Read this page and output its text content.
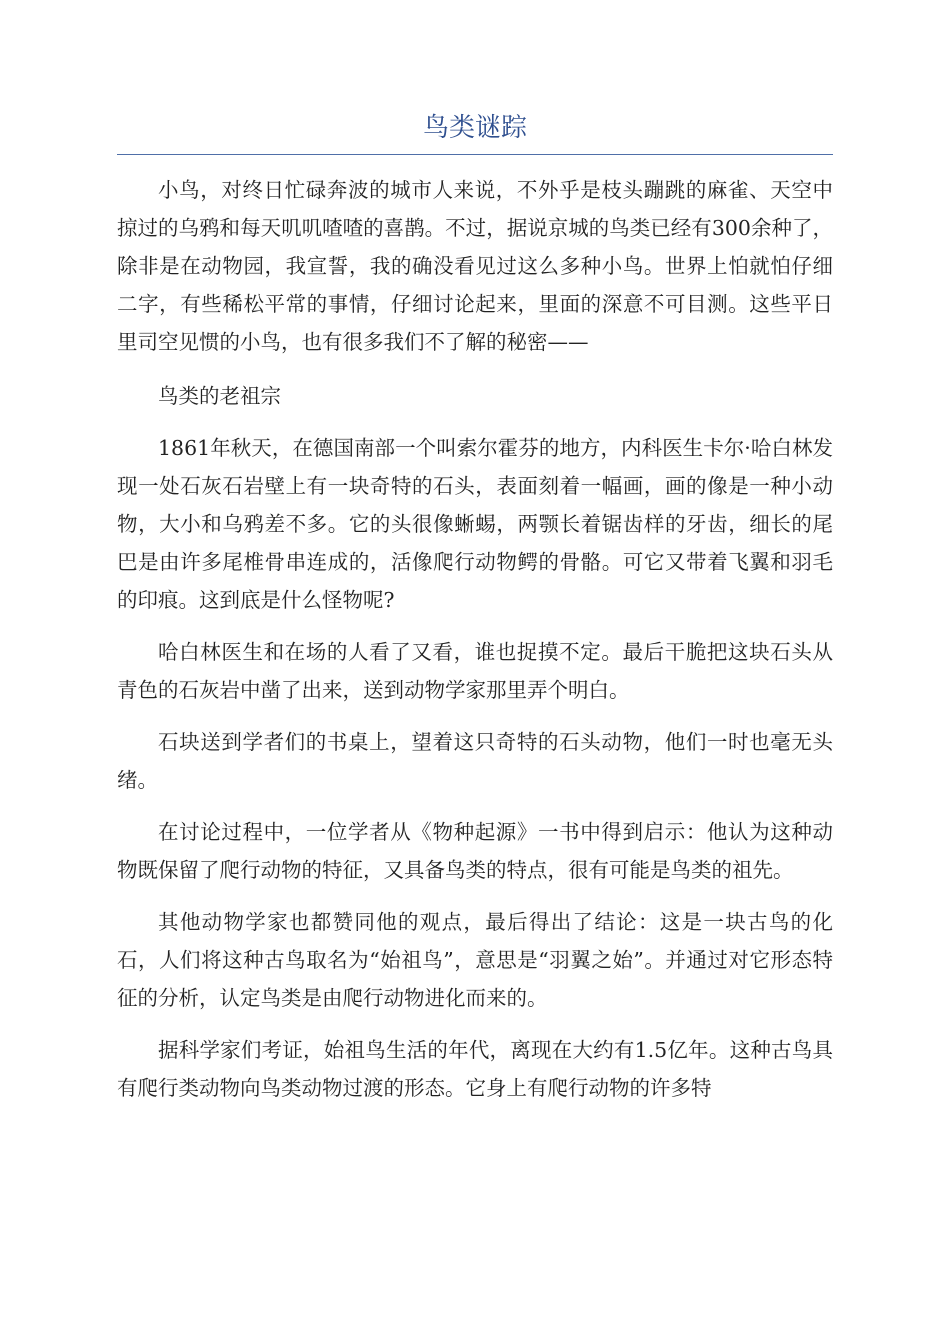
鸟类谜踪

小鸟，对终日忙碌奔波的城市人来说，不外乎是枝头蹦跳的麻雀、天空中掠过的乌鸦和每天叽叽喳喳的喜鹊。不过，据说京城的鸟类已经有300余种了，除非是在动物园，我宣誓，我的确没看见过这么多种小鸟。世界上怕就怕仔细二字，有些稀松平常的事情，仔细讨论起来，里面的深意不可目测。这些平日里司空见惯的小鸟，也有很多我们不了解的秘密——

鸟类的老祖宗

1861年秋天，在德国南部一个叫索尔霍芬的地方，内科医生卡尔·哈白林发现一处石灰石岩壁上有一块奇特的石头，表面刻着一幅画，画的像是一种小动物，大小和乌鸦差不多。它的头很像蜥蜴，两颚长着锯齿样的牙齿，细长的尾巴是由许多尾椎骨串连成的，活像爬行动物鳄的骨骼。可它又带着飞翼和羽毛的印痕。这到底是什么怪物呢?

哈白林医生和在场的人看了又看，谁也捉摸不定。最后干脆把这块石头从青色的石灰岩中凿了出来，送到动物学家那里弄个明白。

石块送到学者们的书桌上，望着这只奇特的石头动物，他们一时也毫无头绪。

在讨论过程中，一位学者从《物种起源》一书中得到启示：他认为这种动物既保留了爬行动物的特征，又具备鸟类的特点，很有可能是鸟类的祖先。

其他动物学家也都赞同他的观点，最后得出了结论：这是一块古鸟的化石，人们将这种古鸟取名为“始祖鸟”，意思是“羽翼之始”。并通过对它形态特征的分析，认定鸟类是由爬行动物进化而来的。

据科学家们考证，始祖鸟生活的年代，离现在大约有1.5亿年。这种古鸟具有爬行类动物向鸟类动物过渡的形态。它身上有爬行动物的许多特
